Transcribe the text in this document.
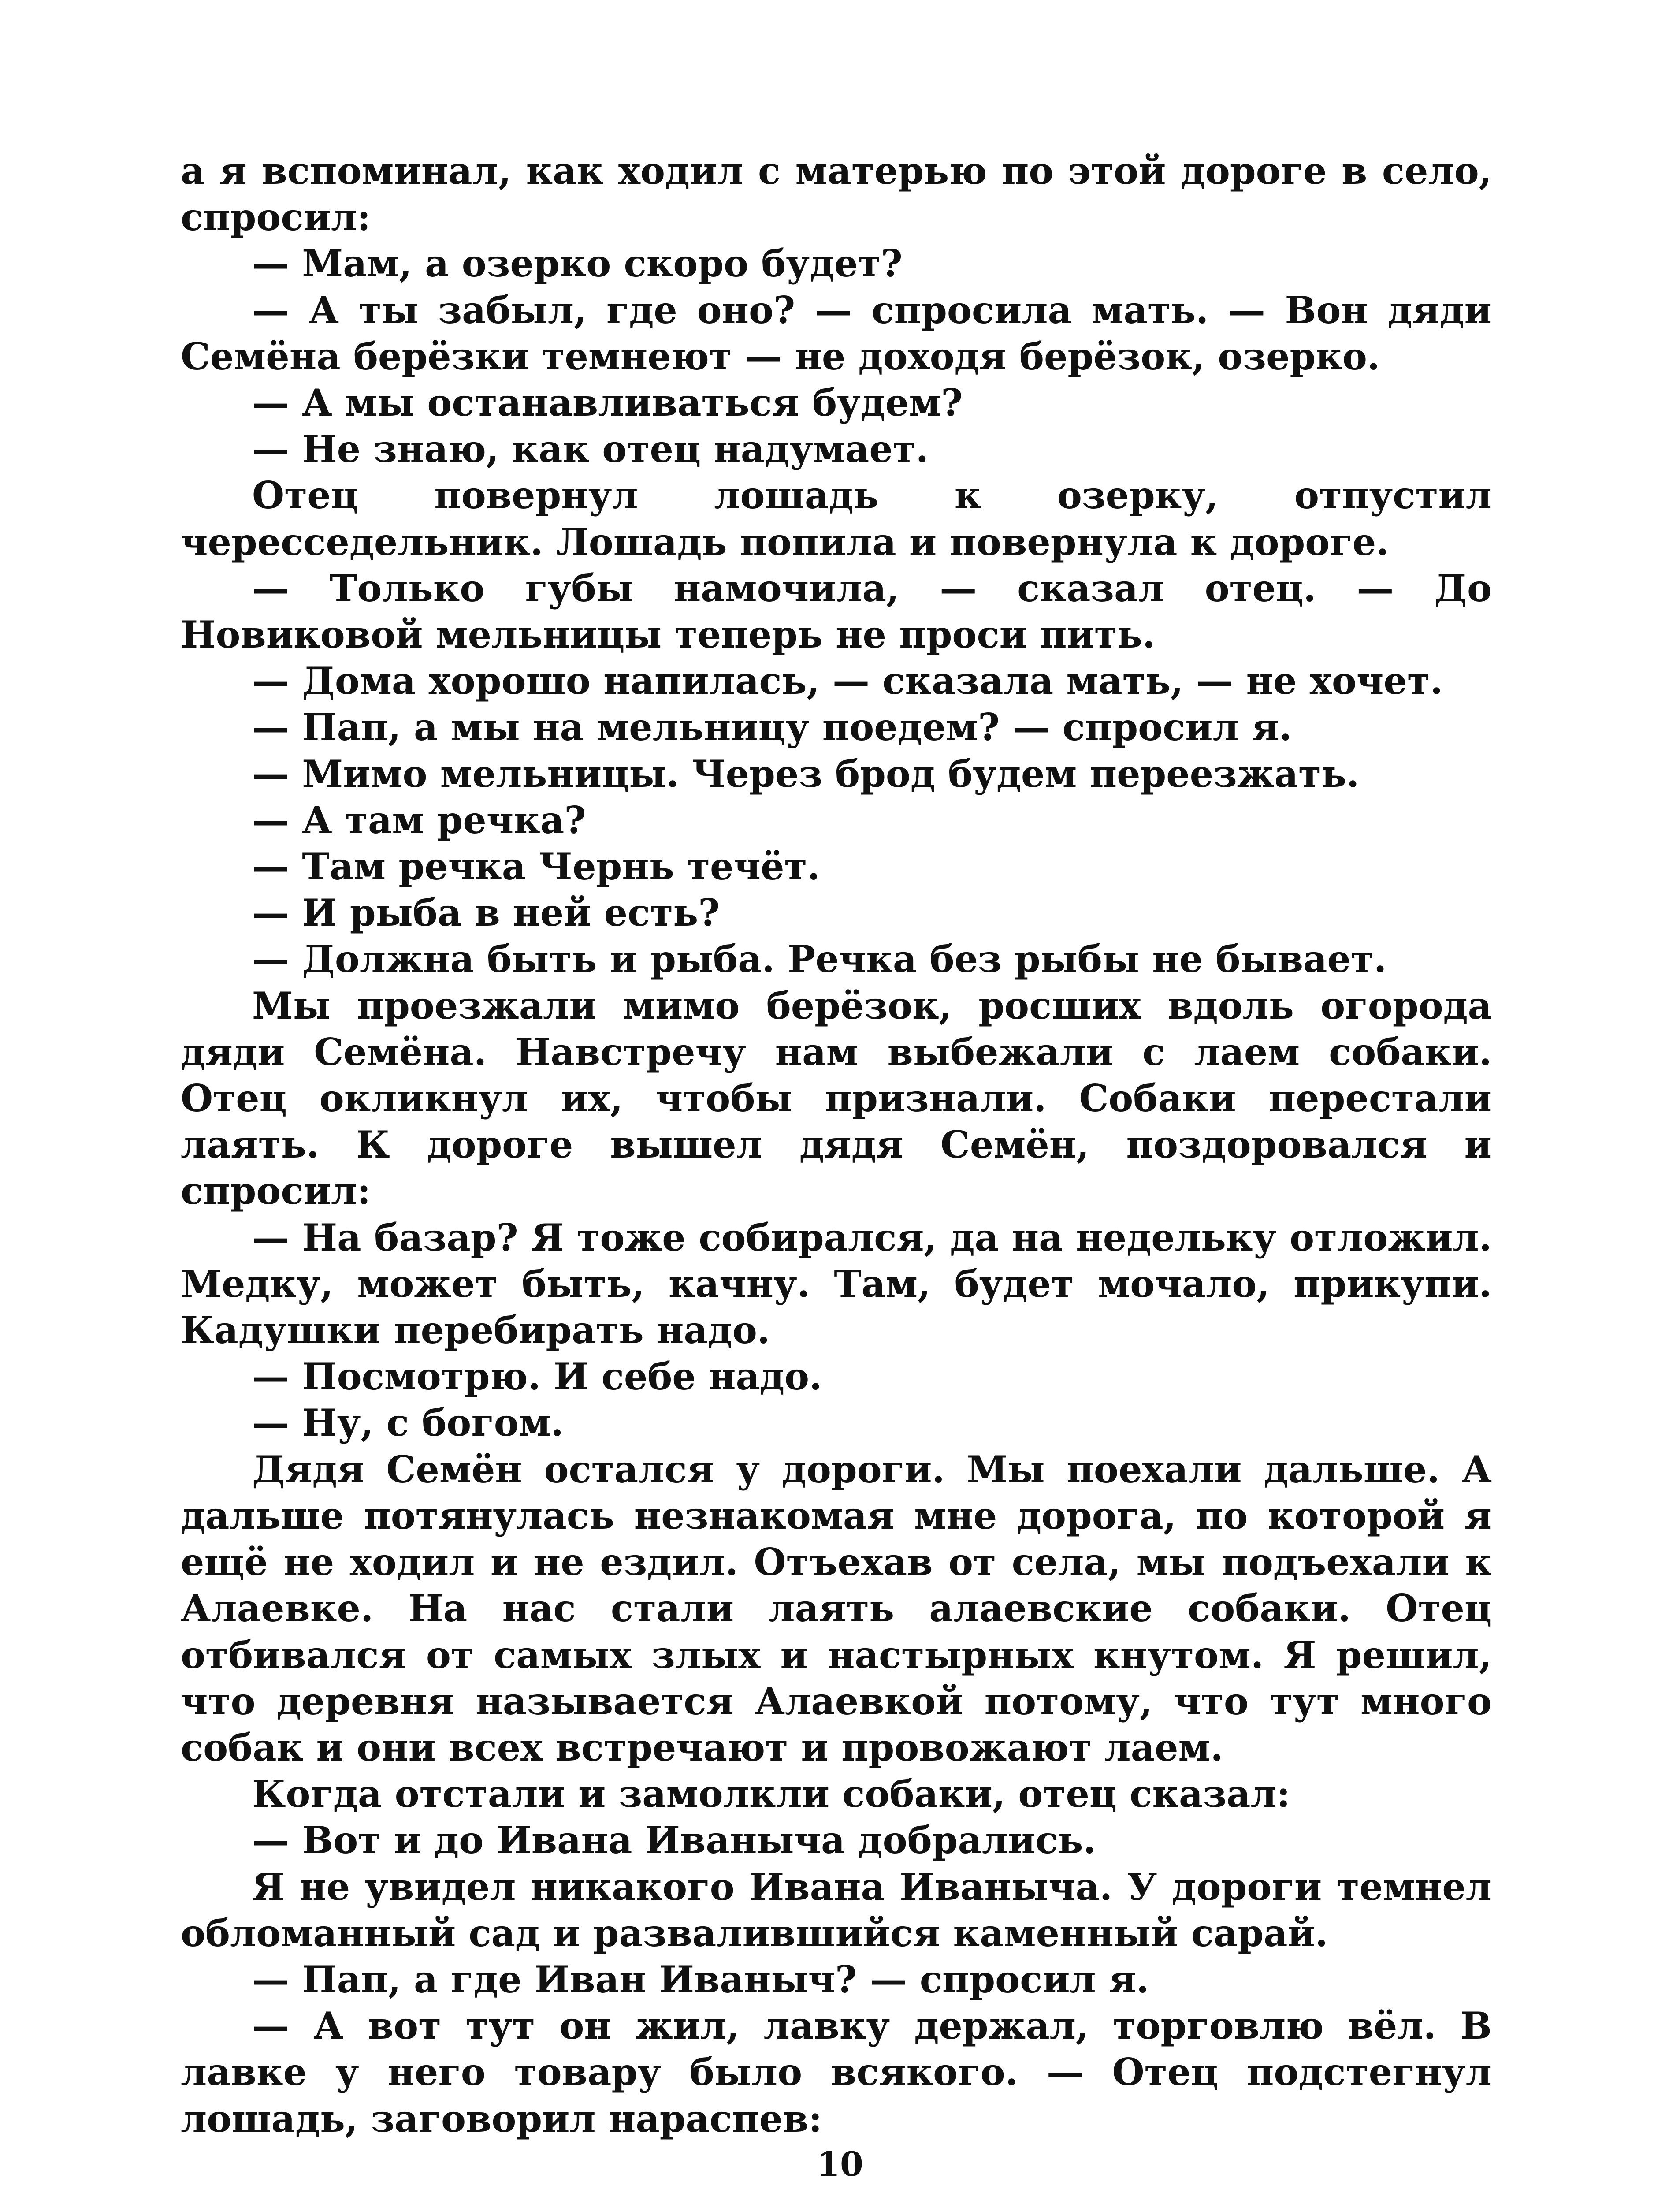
а я вспоминал, как ходил с матерью по этой дороге в село, спросил:

— Мам, а озерко скоро будет?

— А ты забыл, где оно? — спросила мать. — Вон дяди Семёна берёзки темнеют — не доходя берёзок, озерко.

— А мы останавливаться будем?

— Не знаю, как отец надумает.

Отец повернул лошадь к озерку, отпустил чересседельник. Лошадь попила и повернула к дороге.

— Только губы намочила, — сказал отец. — До Новиковой мельницы теперь не проси пить.

— Дома хорошо напилась, — сказала мать, — не хочет.

— Пап, а мы на мельницу поедем? — спросил я.

— Мимо мельницы. Через брод будем переезжать.

— А там речка?

— Там речка Чернь течёт.

— И рыба в ней есть?

— Должна быть и рыба. Речка без рыбы не бывает.

Мы проезжали мимо берёзок, росших вдоль огорода дяди Семёна. Навстречу нам выбежали с лаем собаки. Отец окликнул их, чтобы признали. Собаки перестали лаять. К дороге вышел дядя Семён, поздоровался и спросил:

— На базар? Я тоже собирался, да на недельку отложил. Медку, может быть, качну. Там, будет мочало, прикупи. Кадушки перебирать надо.

— Посмотрю. И себе надо.

— Ну, с богом.

Дядя Семён остался у дороги. Мы поехали дальше. А дальше потянулась незнакомая мне дорога, по которой я ещё не ходил и не ездил. Отъехав от села, мы подъехали к Алаевке. На нас стали лаять алаевские собаки. Отец отбивался от самых злых и настырных кнутом. Я решил, что деревня называется Алаевкой потому, что тут много собак и они всех встречают и провожают лаем.

Когда отстали и замолкли собаки, отец сказал:

— Вот и до Ивана Иваныча добрались.

Я не увидел никакого Ивана Иваныча. У дороги темнел обломанный сад и развалившийся каменный сарай.

— Пап, а где Иван Иваныч? — спросил я.

— А вот тут он жил, лавку держал, торговлю вёл. В лавке у него товару было всякого. — Отец подстегнул лошадь, заговорил нараспев:

10
